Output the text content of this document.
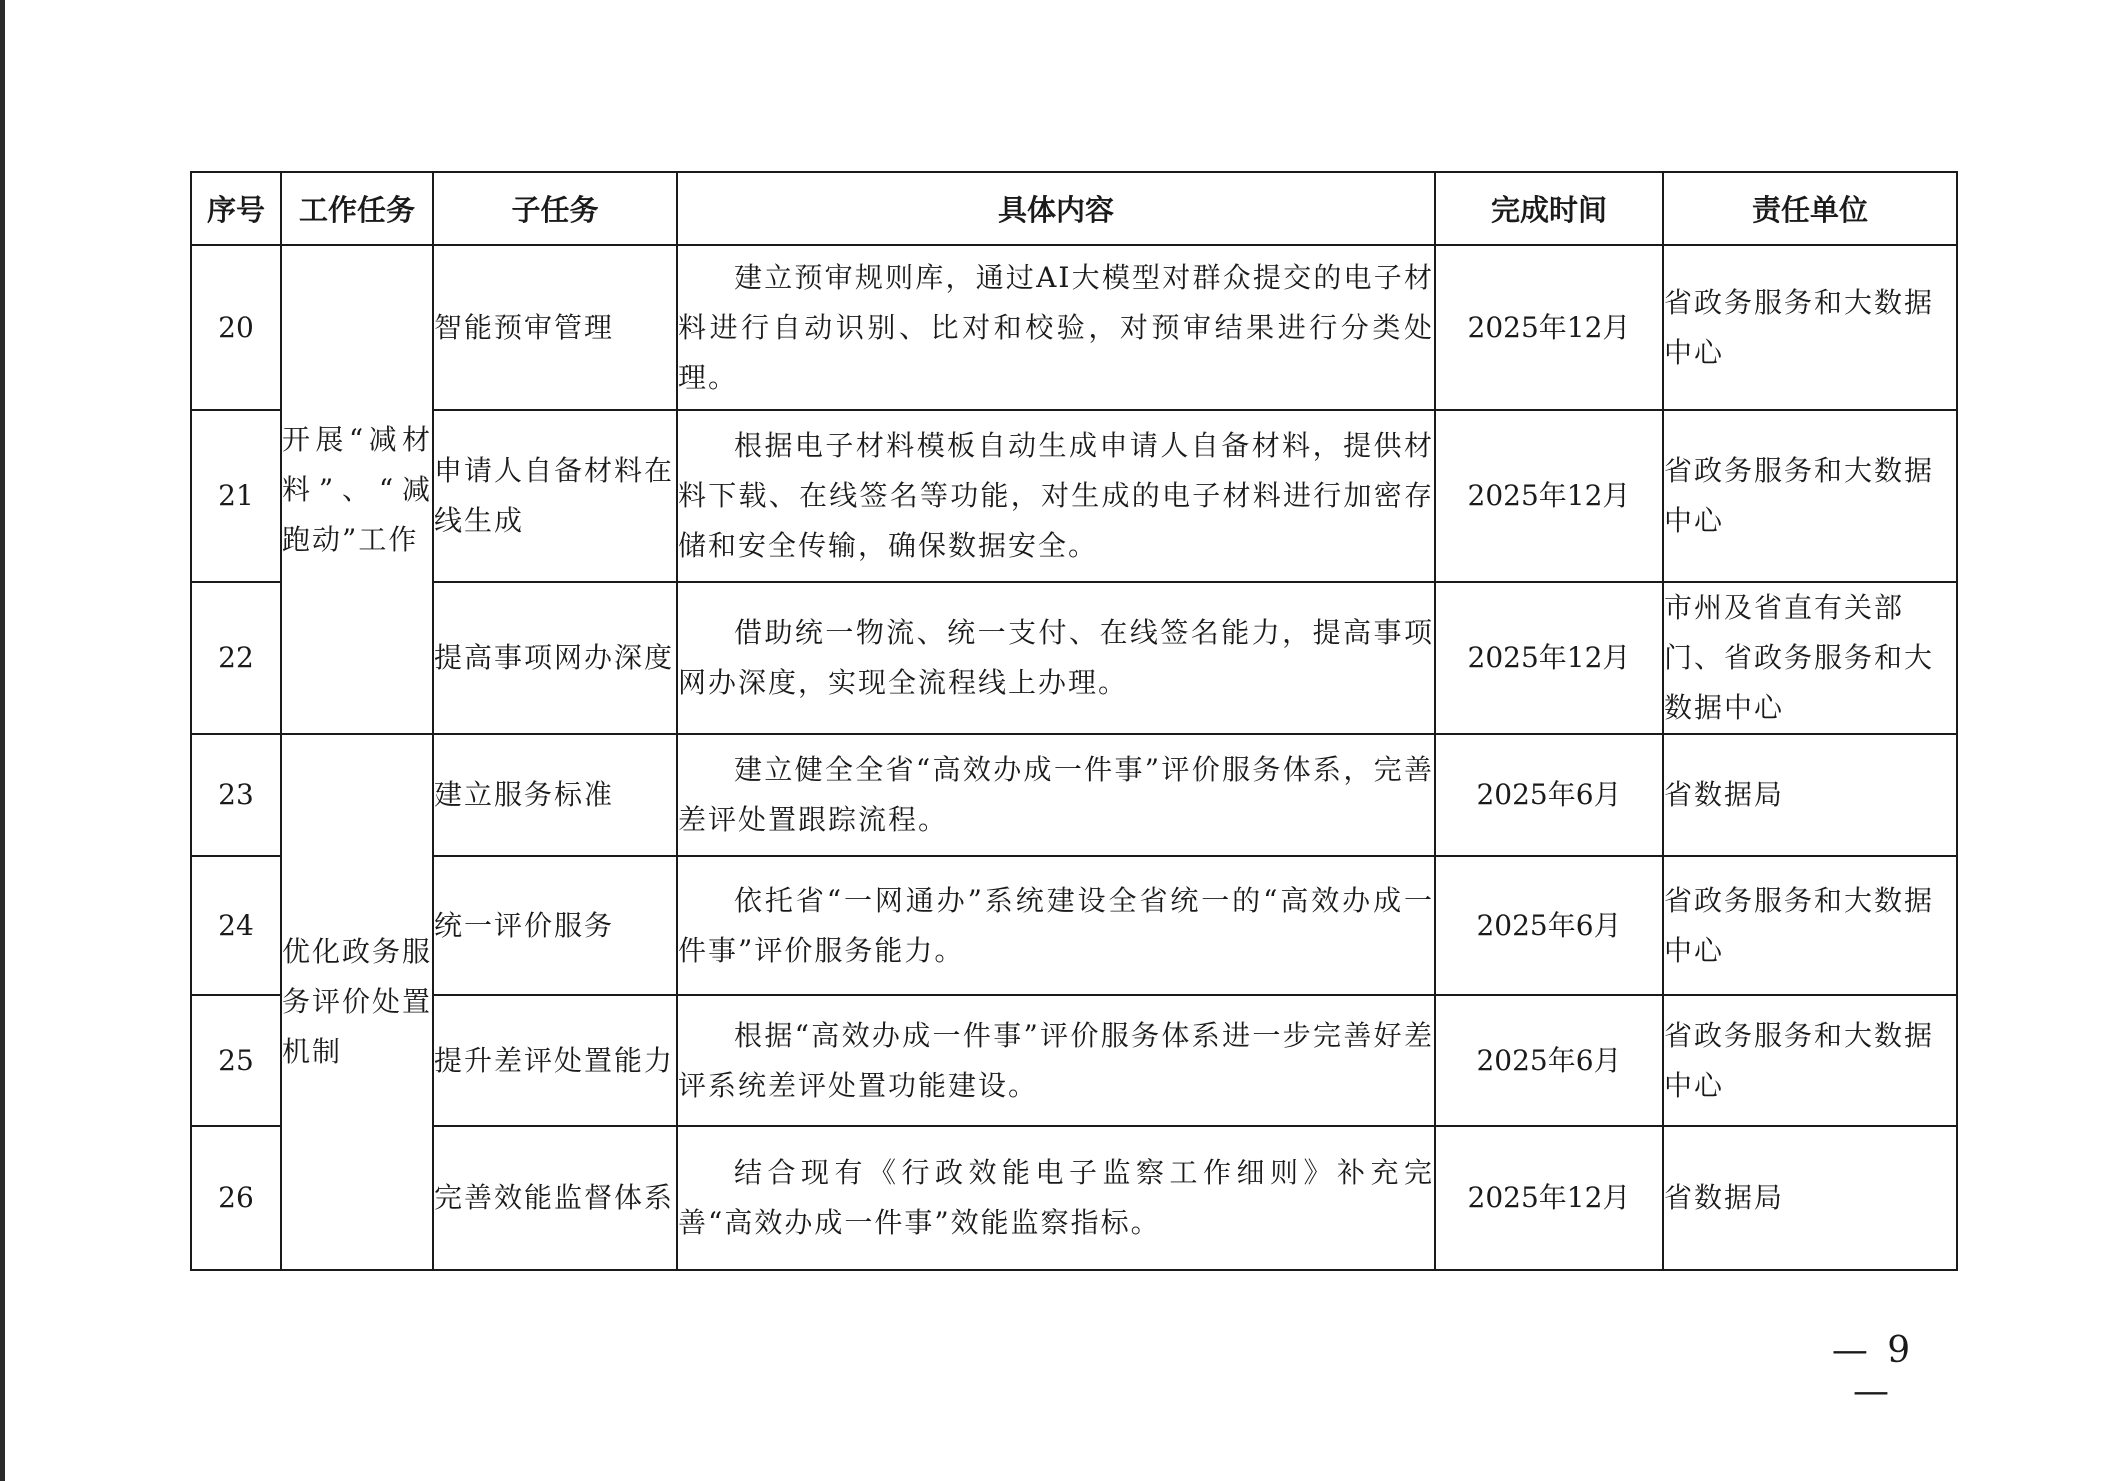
序号	工作任务	子任务	具体内容	完成时间	责任单位
20	开展“减材料”、“减跑动”工作	智能预审管理	建立预审规则库，通过AI大模型对群众提交的电子材料进行自动识别、比对和校验，对预审结果进行分类处理。	2025年12月	省政务服务和大数据中心
21		申请人自备材料在线生成	根据电子材料模板自动生成申请人自备材料，提供材料下载、在线签名等功能，对生成的电子材料进行加密存储和安全传输，确保数据安全。	2025年12月	省政务服务和大数据中心
22		提高事项网办深度	借助统一物流、统一支付、在线签名能力，提高事项网办深度，实现全流程线上办理。	2025年12月	市州及省直有关部门、省政务服务和大数据中心
23	优化政务服务评价处置机制	建立服务标准	建立健全全省“高效办成一件事”评价服务体系，完善差评处置跟踪流程。	2025年6月	省数据局
24		统一评价服务	依托省“一网通办”系统建设全省统一的“高效办成一件事”评价服务能力。	2025年6月	省政务服务和大数据中心
25		提升差评处置能力	根据“高效办成一件事”评价服务体系进一步完善好差评系统差评处置功能建设。	2025年6月	省政务服务和大数据中心
26		完善效能监督体系	结合现有《行政效能电子监察工作细则》补充完善“高效办成一件事”效能监察指标。	2025年12月	省数据局
— 9 —
